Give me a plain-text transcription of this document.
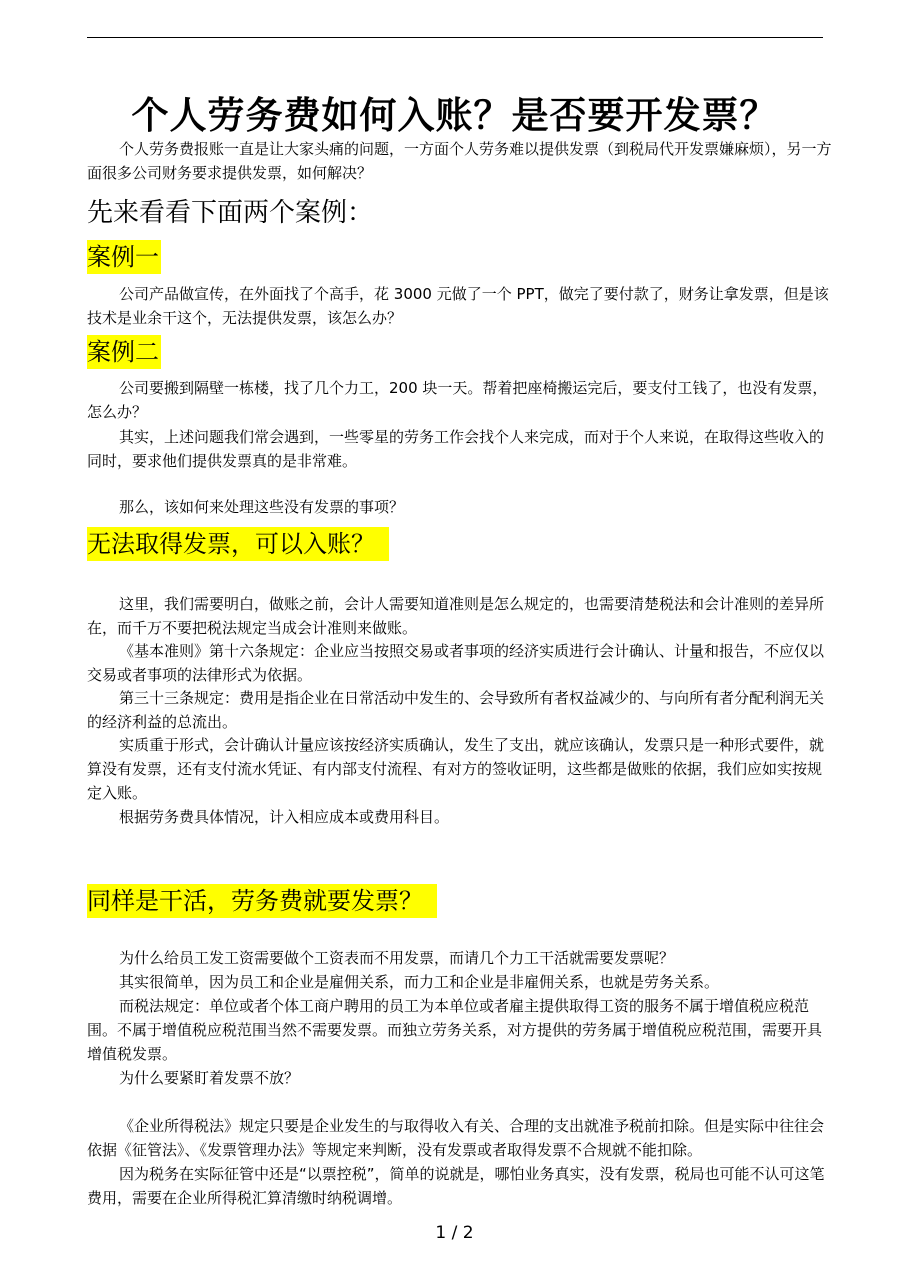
个人劳务费如何入账？是否要开发票？

个人劳务费报账一直是让大家头痛的问题，一方面个人劳务难以提供发票（到税局代开发票嫌麻烦），另一方面很多公司财务要求提供发票，如何解决？

先来看看下面两个案例：
案例一

公司产品做宣传，在外面找了个高手，花 3000 元做了一个 PPT，做完了要付款了，财务让拿发票，但是该技术是业余干这个，无法提供发票，该怎么办？

案例二

公司要搬到隔壁一栋楼，找了几个力工，200 块一天。帮着把座椅搬运完后，要支付工钱了，也没有发票，怎么办？

其实，上述问题我们常会遇到，一些零星的劳务工作会找个人来完成，而对于个人来说，在取得这些收入的同时，要求他们提供发票真的是非常难。

那么，该如何来处理这些没有发票的事项？

无法取得发票，可以入账？

这里，我们需要明白，做账之前，会计人需要知道准则是怎么规定的，也需要清楚税法和会计准则的差异所在，而千万不要把税法规定当成会计准则来做账。

《基本准则》第十六条规定：企业应当按照交易或者事项的经济实质进行会计确认、计量和报告，不应仅以交易或者事项的法律形式为依据。

第三十三条规定：费用是指企业在日常活动中发生的、会导致所有者权益减少的、与向所有者分配利润无关的经济利益的总流出。

实质重于形式，会计确认计量应该按经济实质确认，发生了支出，就应该确认，发票只是一种形式要件，就算没有发票，还有支付流水凭证、有内部支付流程、有对方的签收证明，这些都是做账的依据，我们应如实按规定入账。

根据劳务费具体情况，计入相应成本或费用科目。

同样是干活，劳务费就要发票？

为什么给员工发工资需要做个工资表而不用发票，而请几个力工干活就需要发票呢？

其实很简单，因为员工和企业是雇佣关系，而力工和企业是非雇佣关系，也就是劳务关系。

而税法规定：单位或者个体工商户聘用的员工为本单位或者雇主提供取得工资的服务不属于增值税应税范围。不属于增值税应税范围当然不需要发票。而独立劳务关系，对方提供的劳务属于增值税应税范围，需要开具增值税发票。

为什么要紧盯着发票不放？

《企业所得税法》规定只要是企业发生的与取得收入有关、合理的支出就准予税前扣除。但是实际中往往会依据《征管法》、《发票管理办法》等规定来判断，没有发票或者取得发票不合规就不能扣除。

因为税务在实际征管中还是“以票控税”，简单的说就是，哪怕业务真实，没有发票，税局也可能不认可这笔费用，需要在企业所得税汇算清缴时纳税调增。

1 / 2
